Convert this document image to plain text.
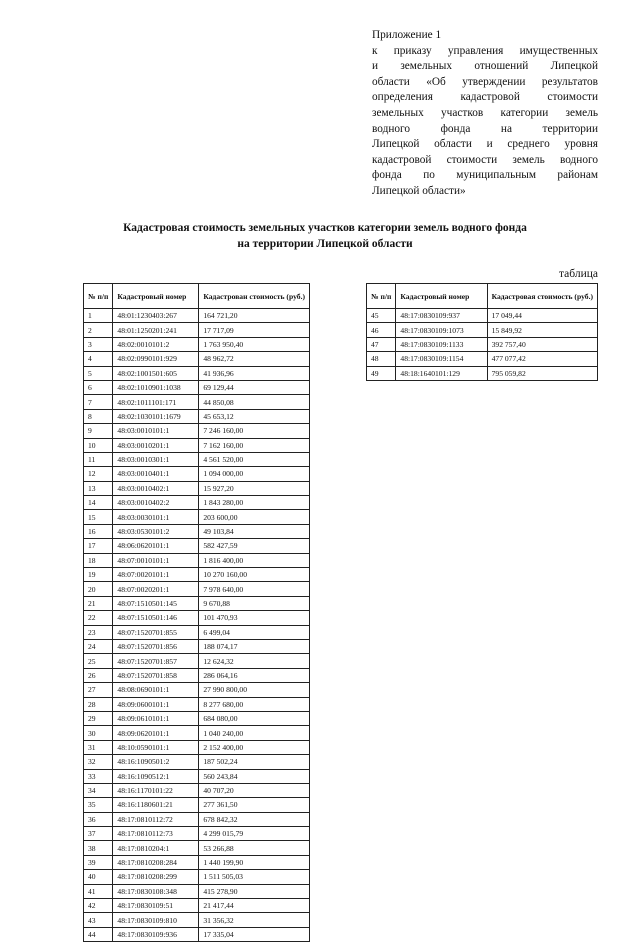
Приложение 1
к приказу управления имущественных
и земельных отношений Липецкой
области «Об утверждении результатов
определения кадастровой стоимости
земельных участков категории земель
водного фонда на территории
Липецкой области и среднего уровня
кадастровой стоимости земель водного
фонда по муниципальным районам
Липецкой области»
Кадастровая стоимость земельных участков категории земель водного фонда
на территории Липецкой области
таблица
№ п/п	Кадастровый номер	Кадастрован стоимость (руб.)
1	48:01:1230403:267	164 721,20
2	48:01:1250201:241	17 717,09
3	48:02:0010101:2	1 763 950,40
4	48:02:0990101:929	48 962,72
5	48:02:1001501:605	41 936,96
6	48:02:1010901:1038	69 129,44
7	48:02:1011101:171	44 850,08
8	48:02:1030101:1679	45 653,12
9	48:03:0010101:1	7 246 160,00
10	48:03:0010201:1	7 162 160,00
11	48:03:0010301:1	4 561 520,00
12	48:03:0010401:1	1 094 000,00
13	48:03:0010402:1	15 927,20
14	48:03:0010402:2	1 843 280,00
15	48:03:0030101:1	203 600,00
16	48:03:0530101:2	49 103,84
17	48:06:0620101:1	582 427,59
18	48:07:0010101:1	1 816 400,00
19	48:07:0020101:1	10 270 160,00
20	48:07:0020201:1	7 978 640,00
21	48:07:1510501:145	9 670,88
22	48:07:1510501:146	101 470,93
23	48:07:1520701:855	6 499,04
24	48:07:1520701:856	188 074,17
25	48:07:1520701:857	12 624,32
26	48:07:1520701:858	286 064,16
27	48:08:0690101:1	27 990 800,00
28	48:09:0600101:1	8 277 680,00
29	48:09:0610101:1	684 080,00
30	48:09:0620101:1	1 040 240,00
31	48:10:0590101:1	2 152 400,00
32	48:16:1090501:2	187 502,24
33	48:16:1090512:1	560 243,84
34	48:16:1170101:22	40 707,20
35	48:16:1180601:21	277 361,50
36	48:17:0810112:72	678 842,32
37	48:17:0810112:73	4 299 015,79
38	48:17:0810204:1	53 266,88
39	48:17:0810208:284	1 440 199,90
40	48:17:0810208:299	1 511 505,03
41	48:17:0830108:348	415 278,90
42	48:17:0830109:51	21 417,44
43	48:17:0830109:810	31 356,32
44	48:17:0830109:936	17 335,04
№ п/п	Кадастровый номер	Кадастровая стоимость (руб.)
45	48:17:0830109:937	17 049,44
46	48:17:0830109:1073	15 849,92
47	48:17:0830109:1133	392 757,40
48	48:17:0830109:1154	477 077,42
49	48:18:1640101:129	795 059,82
